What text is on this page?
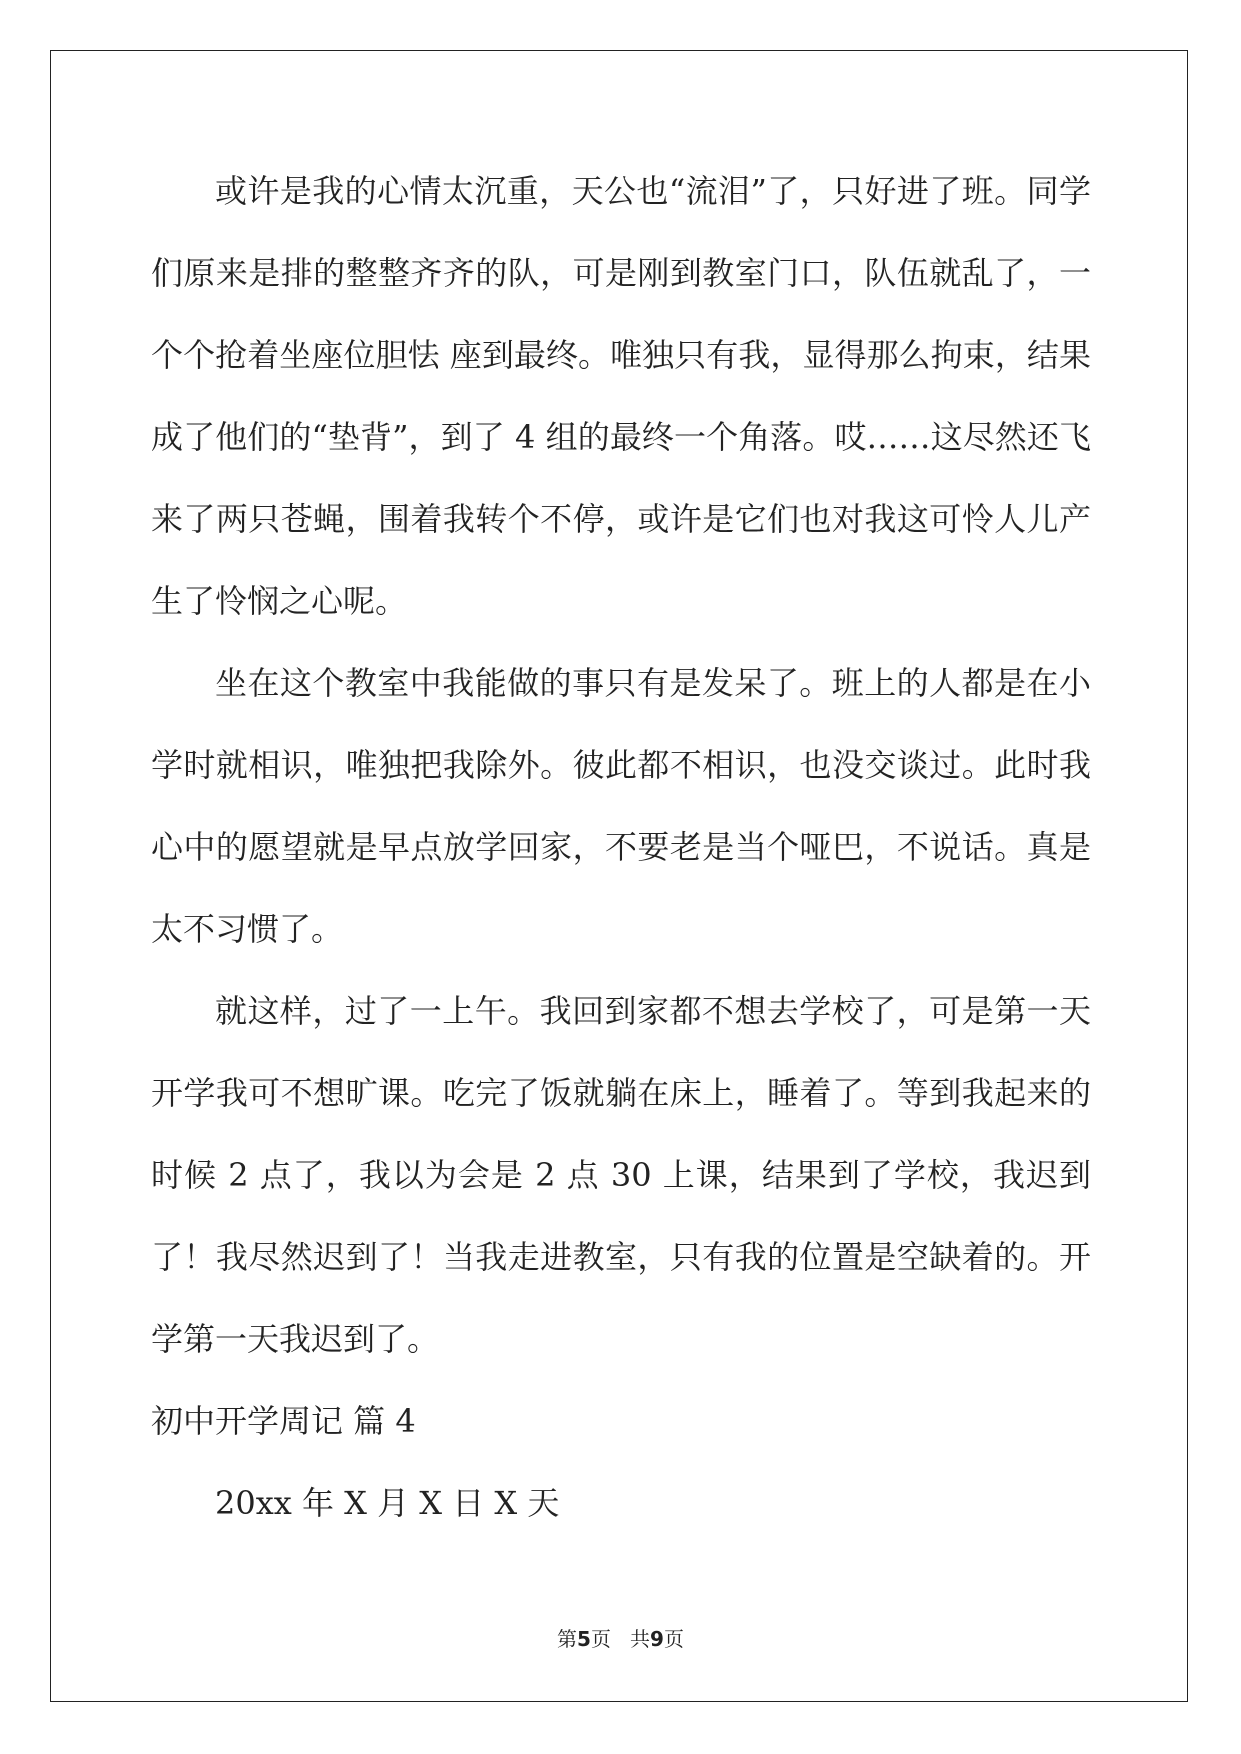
或许是我的心情太沉重，天公也“流泪”了，只好进了班。同学们原来是排的整整齐齐的队，可是刚到教室门口，队伍就乱了，一个个抢着坐座位胆怯 座到最终。唯独只有我，显得那么拘束，结果成了他们的“垫背”，到了 4 组的最终一个角落。哎……这尽然还飞来了两只苍蝇，围着我转个不停，或许是它们也对我这可怜人儿产生了怜悯之心呢。

坐在这个教室中我能做的事只有是发呆了。班上的人都是在小学时就相识，唯独把我除外。彼此都不相识，也没交谈过。此时我心中的愿望就是早点放学回家，不要老是当个哑巴，不说话。真是太不习惯了。

就这样，过了一上午。我回到家都不想去学校了，可是第一天开学我可不想旷课。吃完了饭就躺在床上，睡着了。等到我起来的时候 2 点了，我以为会是 2 点 30 上课，结果到了学校，我迟到了！我尽然迟到了！当我走进教室，只有我的位置是空缺着的。开学第一天我迟到了。

初中开学周记 篇 4

20xx 年 X 月 X 日 X 天

第5页   共9页
